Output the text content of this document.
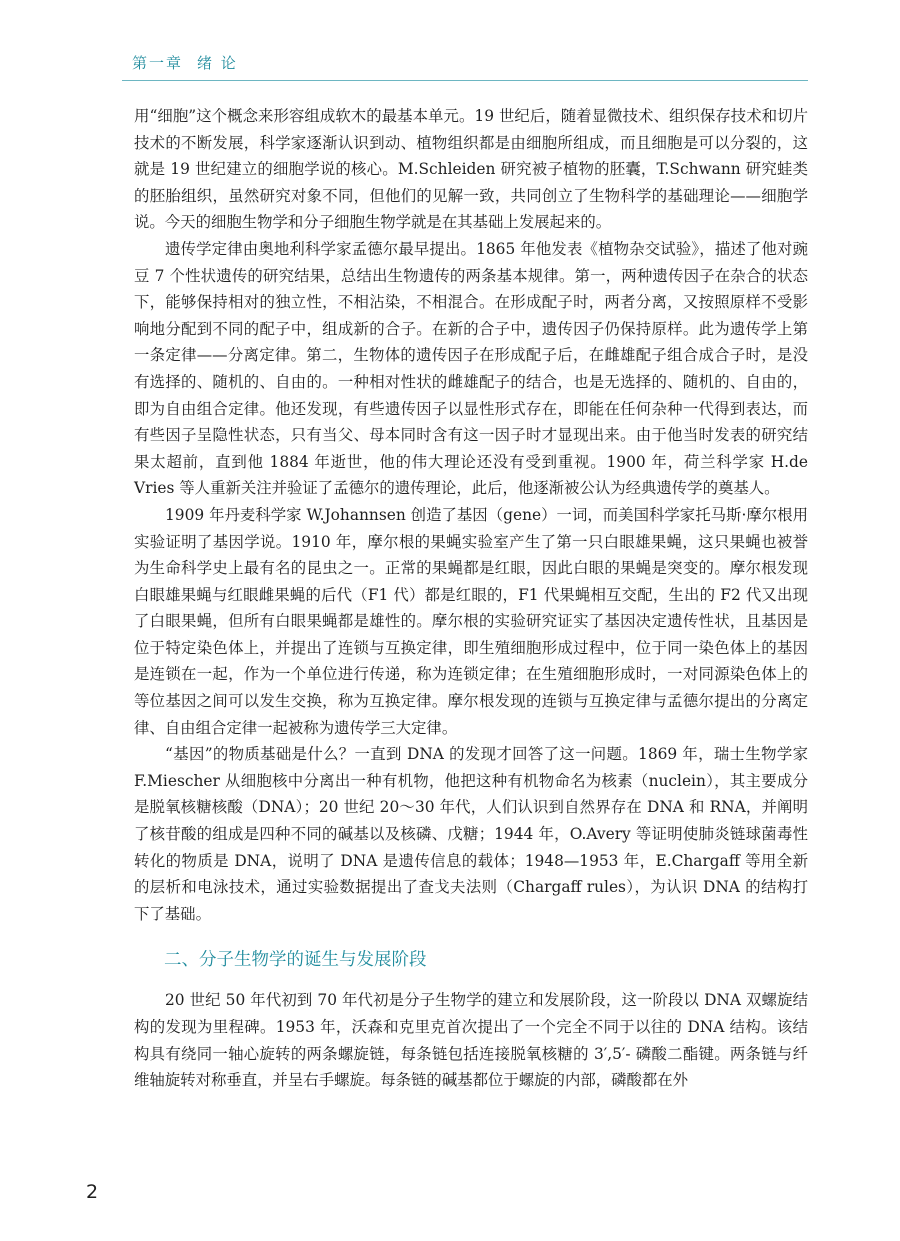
第一章 绪 论

用“细胞”这个概念来形容组成软木的最基本单元。19 世纪后，随着显微技术、组织保存技术和切片技术的不断发展，科学家逐渐认识到动、植物组织都是由细胞所组成，而且细胞是可以分裂的，这就是 19 世纪建立的细胞学说的核心。M.Schleiden 研究被子植物的胚囊，T.Schwann 研究蛙类的胚胎组织，虽然研究对象不同，但他们的见解一致，共同创立了生物科学的基础理论——细胞学说。今天的细胞生物学和分子细胞生物学就是在其基础上发展起来的。

遗传学定律由奥地利科学家孟德尔最早提出。1865 年他发表《植物杂交试验》，描述了他对豌豆 7 个性状遗传的研究结果，总结出生物遗传的两条基本规律。第一，两种遗传因子在杂合的状态下，能够保持相对的独立性，不相沾染，不相混合。在形成配子时，两者分离，又按照原样不受影响地分配到不同的配子中，组成新的合子。在新的合子中，遗传因子仍保持原样。此为遗传学上第一条定律——分离定律。第二，生物体的遗传因子在形成配子后，在雌雄配子组合成合子时，是没有选择的、随机的、自由的。一种相对性状的雌雄配子的结合，也是无选择的、随机的、自由的，即为自由组合定律。他还发现，有些遗传因子以显性形式存在，即能在任何杂种一代得到表达，而有些因子呈隐性状态，只有当父、母本同时含有这一因子时才显现出来。由于他当时发表的研究结果太超前，直到他 1884 年逝世，他的伟大理论还没有受到重视。1900 年，荷兰科学家 H.de Vries 等人重新关注并验证了孟德尔的遗传理论，此后，他逐渐被公认为经典遗传学的奠基人。

1909 年丹麦科学家 W.Johannsen 创造了基因（gene）一词，而美国科学家托马斯·摩尔根用实验证明了基因学说。1910 年，摩尔根的果蝇实验室产生了第一只白眼雄果蝇，这只果蝇也被誉为生命科学史上最有名的昆虫之一。正常的果蝇都是红眼，因此白眼的果蝇是突变的。摩尔根发现白眼雄果蝇与红眼雌果蝇的后代（F1 代）都是红眼的，F1 代果蝇相互交配，生出的 F2 代又出现了白眼果蝇，但所有白眼果蝇都是雄性的。摩尔根的实验研究证实了基因决定遗传性状，且基因是位于特定染色体上，并提出了连锁与互换定律，即生殖细胞形成过程中，位于同一染色体上的基因是连锁在一起，作为一个单位进行传递，称为连锁定律；在生殖细胞形成时，一对同源染色体上的等位基因之间可以发生交换，称为互换定律。摩尔根发现的连锁与互换定律与孟德尔提出的分离定律、自由组合定律一起被称为遗传学三大定律。

“基因”的物质基础是什么？一直到 DNA 的发现才回答了这一问题。1869 年，瑞士生物学家 F.Miescher 从细胞核中分离出一种有机物，他把这种有机物命名为核素（nuclein），其主要成分是脱氧核糖核酸（DNA）；20 世纪 20～30 年代，人们认识到自然界存在 DNA 和 RNA，并阐明了核苷酸的组成是四种不同的碱基以及核磷、戊糖；1944 年，O.Avery 等证明使肺炎链球菌毒性转化的物质是 DNA，说明了 DNA 是遗传信息的载体；1948—1953 年，E.Chargaff 等用全新的层析和电泳技术，通过实验数据提出了查戈夫法则（Chargaff rules），为认识 DNA 的结构打下了基础。

二、分子生物学的诞生与发展阶段

20 世纪 50 年代初到 70 年代初是分子生物学的建立和发展阶段，这一阶段以 DNA 双螺旋结构的发现为里程碑。1953 年，沃森和克里克首次提出了一个完全不同于以往的 DNA 结构。该结构具有绕同一轴心旋转的两条螺旋链，每条链包括连接脱氧核糖的 3′,5′- 磷酸二酯键。两条链与纤维轴旋转对称垂直，并呈右手螺旋。每条链的碱基都位于螺旋的内部，磷酸都在外

2
